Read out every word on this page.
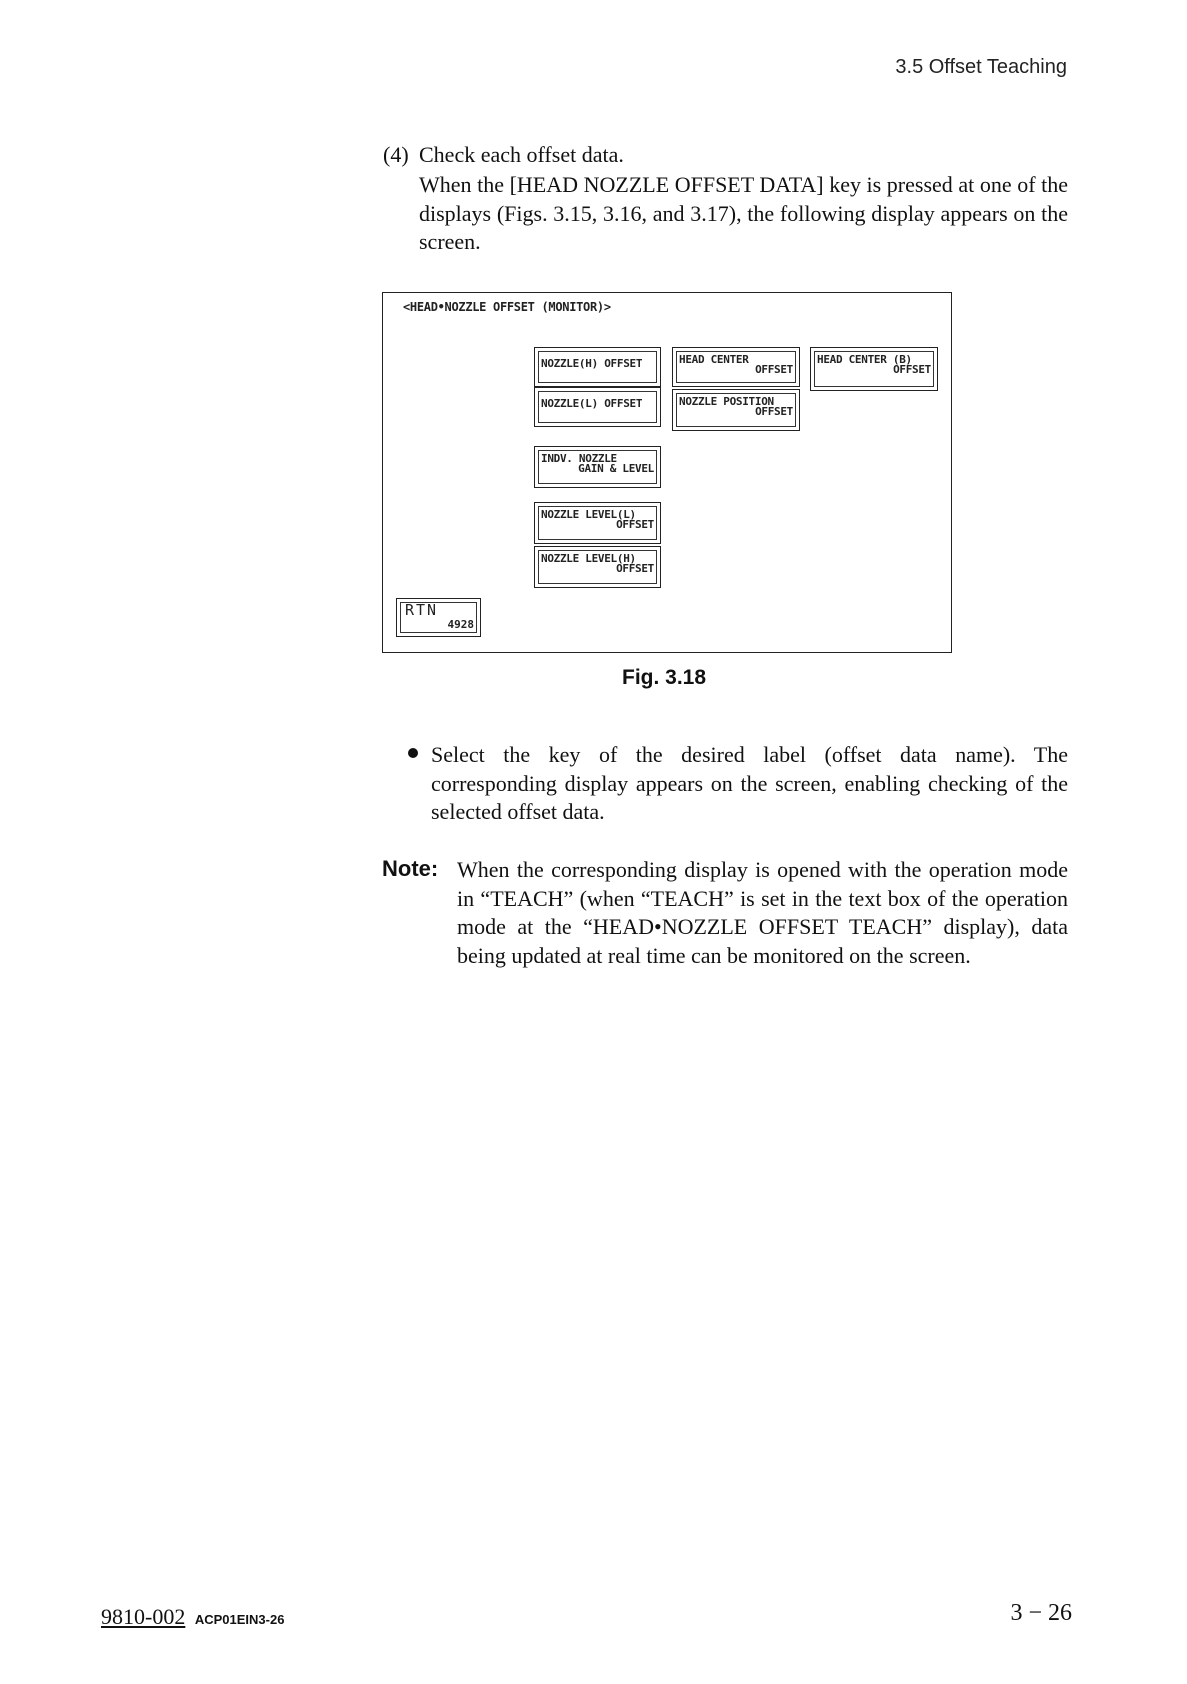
3.5 Offset Teaching
(4) Check each offset data.
When the [HEAD NOZZLE OFFSET DATA] key is pressed at one of the displays (Figs. 3.15, 3.16, and 3.17), the following display appears on the screen.
<HEAD•NOZZLE OFFSET (MONITOR)>
NOZZLE(H) OFFSET
NOZZLE(L) OFFSET
INDV. NOZZLE
GAIN & LEVEL
NOZZLE LEVEL(L)
OFFSET
NOZZLE LEVEL(H)
OFFSET
HEAD CENTER
OFFSET
NOZZLE POSITION
OFFSET
HEAD CENTER (B)
OFFSET
RTN
4928
Fig. 3.18
Select the key of the desired label (offset data name). The corresponding display appears on the screen, enabling checking of the selected offset data.
Note: When the corresponding display is opened with the operation mode in “TEACH” (when “TEACH” is set in the text box of the operation mode at the “HEAD•NOZZLE OFFSET TEACH” display), data being updated at real time can be monitored on the screen.
9810-002 ACP01EIN3-26	3 − 26
